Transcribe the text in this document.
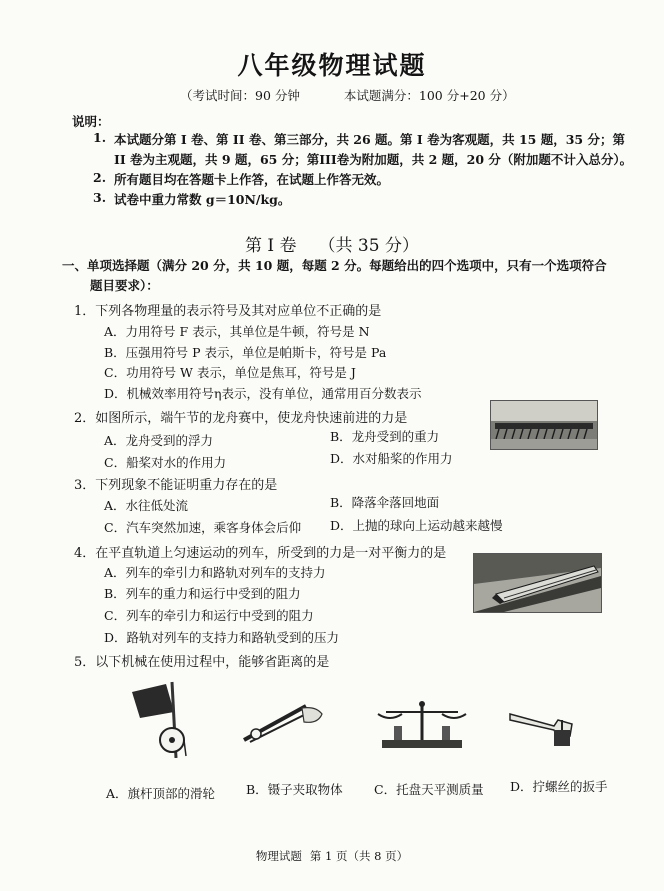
八年级物理试题
（考试时间：90 分钟	本试题满分：100 分+20 分）
说明：
1. 本试题分第 I 卷、第 II 卷、第三部分，共 26 题。第 I 卷为客观题，共 15 题，35 分；第
II 卷为主观题，共 9 题，65 分；第III卷为附加题，共 2 题，20 分（附加题不计入总分）。
2. 所有题目均在答题卡上作答，在试题上作答无效。
3. 试卷中重力常数 g＝10N/kg。
第 I 卷 （共 35 分）
一、单项选择题（满分 20 分，共 10 题，每题 2 分。每题给出的四个选项中，只有一个选项符合
题目要求）：
1．下列各物理量的表示符号及其对应单位不正确的是
A．力用符号 F 表示，其单位是牛顿，符号是 N
B．压强用符号 P 表示，单位是帕斯卡，符号是 Pa
C．功用符号 W 表示，单位是焦耳，符号是 J
D．机械效率用符号η表示，没有单位，通常用百分数表示
2．如图所示，端午节的龙舟赛中，使龙舟快速前进的力是
A．龙舟受到的浮力	B．龙舟受到的重力
C．船桨对水的作用力	D．水对船桨的作用力
3．下列现象不能证明重力存在的是
A．水往低处流	B．降落伞落回地面
C．汽车突然加速，乘客身体会后仰 D．上抛的球向上运动越来越慢
4．在平直轨道上匀速运动的列车，所受到的力是一对平衡力的是
A．列车的牵引力和路轨对列车的支持力
B．列车的重力和运行中受到的阻力
C．列车的牵引力和运行中受到的阻力
D．路轨对列车的支持力和路轨受到的压力
5．以下机械在使用过程中，能够省距离的是
A．旗杆顶部的滑轮 B．镊子夹取物体	C．托盘天平测质量 D．拧螺丝的扳手
物理试题 第 1 页（共 8 页）
